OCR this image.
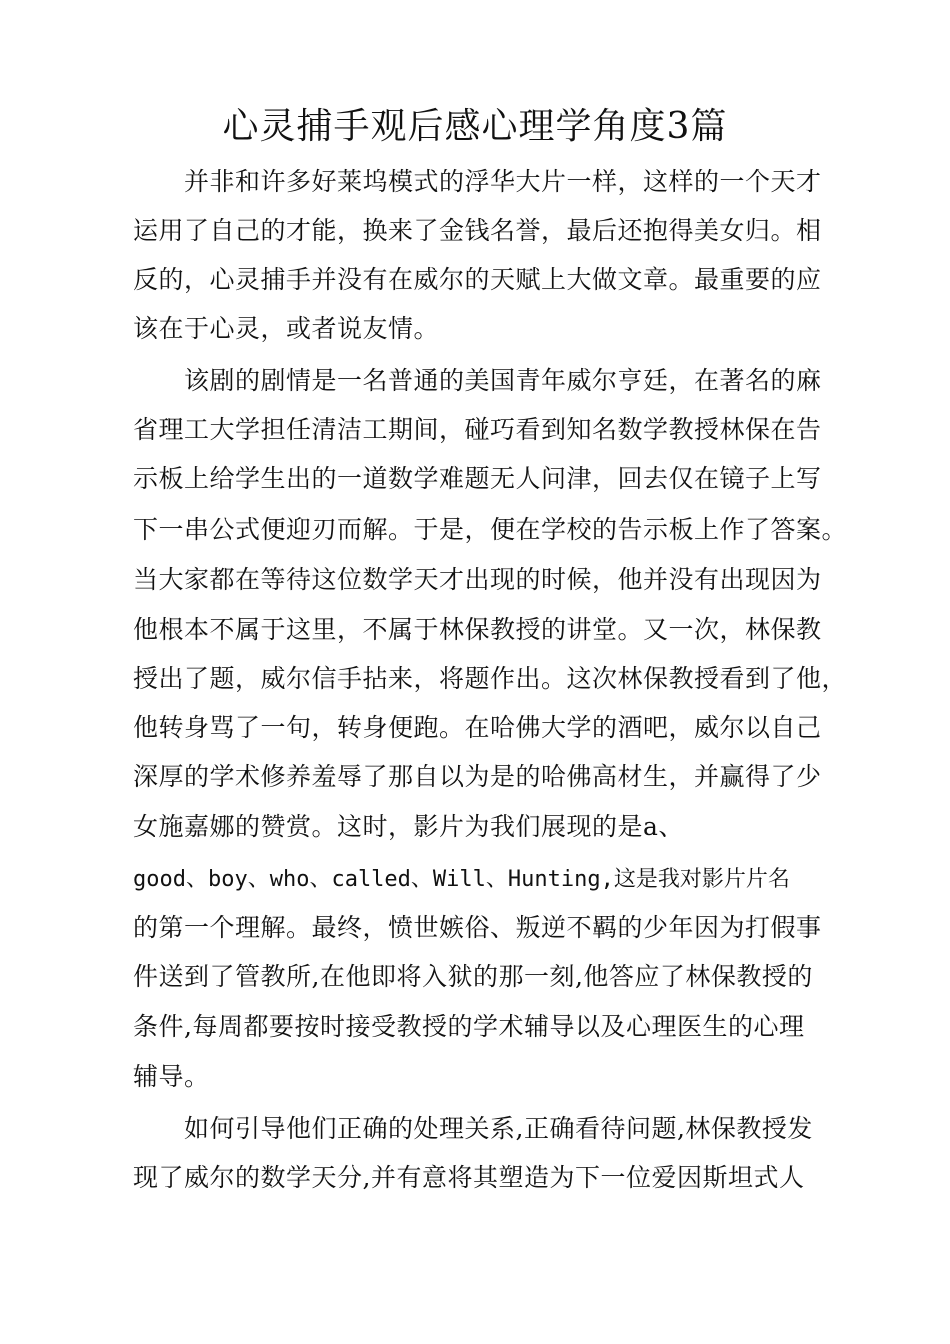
心灵捕手观后感心理学角度3篇
并非和许多好莱坞模式的浮华大片一样，这样的一个天才
运用了自己的才能，换来了金钱名誉，最后还抱得美女归。相
反的，心灵捕手并没有在威尔的天赋上大做文章。最重要的应
该在于心灵，或者说友情。
该剧的剧情是一名普通的美国青年威尔亨廷，在著名的麻
省理工大学担任清洁工期间，碰巧看到知名数学教授林保在告
示板上给学生出的一道数学难题无人问津，回去仅在镜子上写
下一串公式便迎刃而解。于是，便在学校的告示板上作了答案。
当大家都在等待这位数学天才出现的时候，他并没有出现因为
他根本不属于这里，不属于林保教授的讲堂。又一次，林保教
授出了题，威尔信手拈来，将题作出。这次林保教授看到了他，
他转身骂了一句，转身便跑。在哈佛大学的酒吧，威尔以自己
深厚的学术修养羞辱了那自以为是的哈佛高材生，并赢得了少
女施嘉娜的赞赏。这时，影片为我们展现的是a、
good、boy、who、called、Will、Hunting,这是我对影片片名
的第一个理解。最终，愤世嫉俗、叛逆不羁的少年因为打假事
件送到了管教所,在他即将入狱的那一刻,他答应了林保教授的
条件,每周都要按时接受教授的学术辅导以及心理医生的心理
辅导。
如何引导他们正确的处理关系,正确看待问题,林保教授发
现了威尔的数学天分,并有意将其塑造为下一位爱因斯坦式人
